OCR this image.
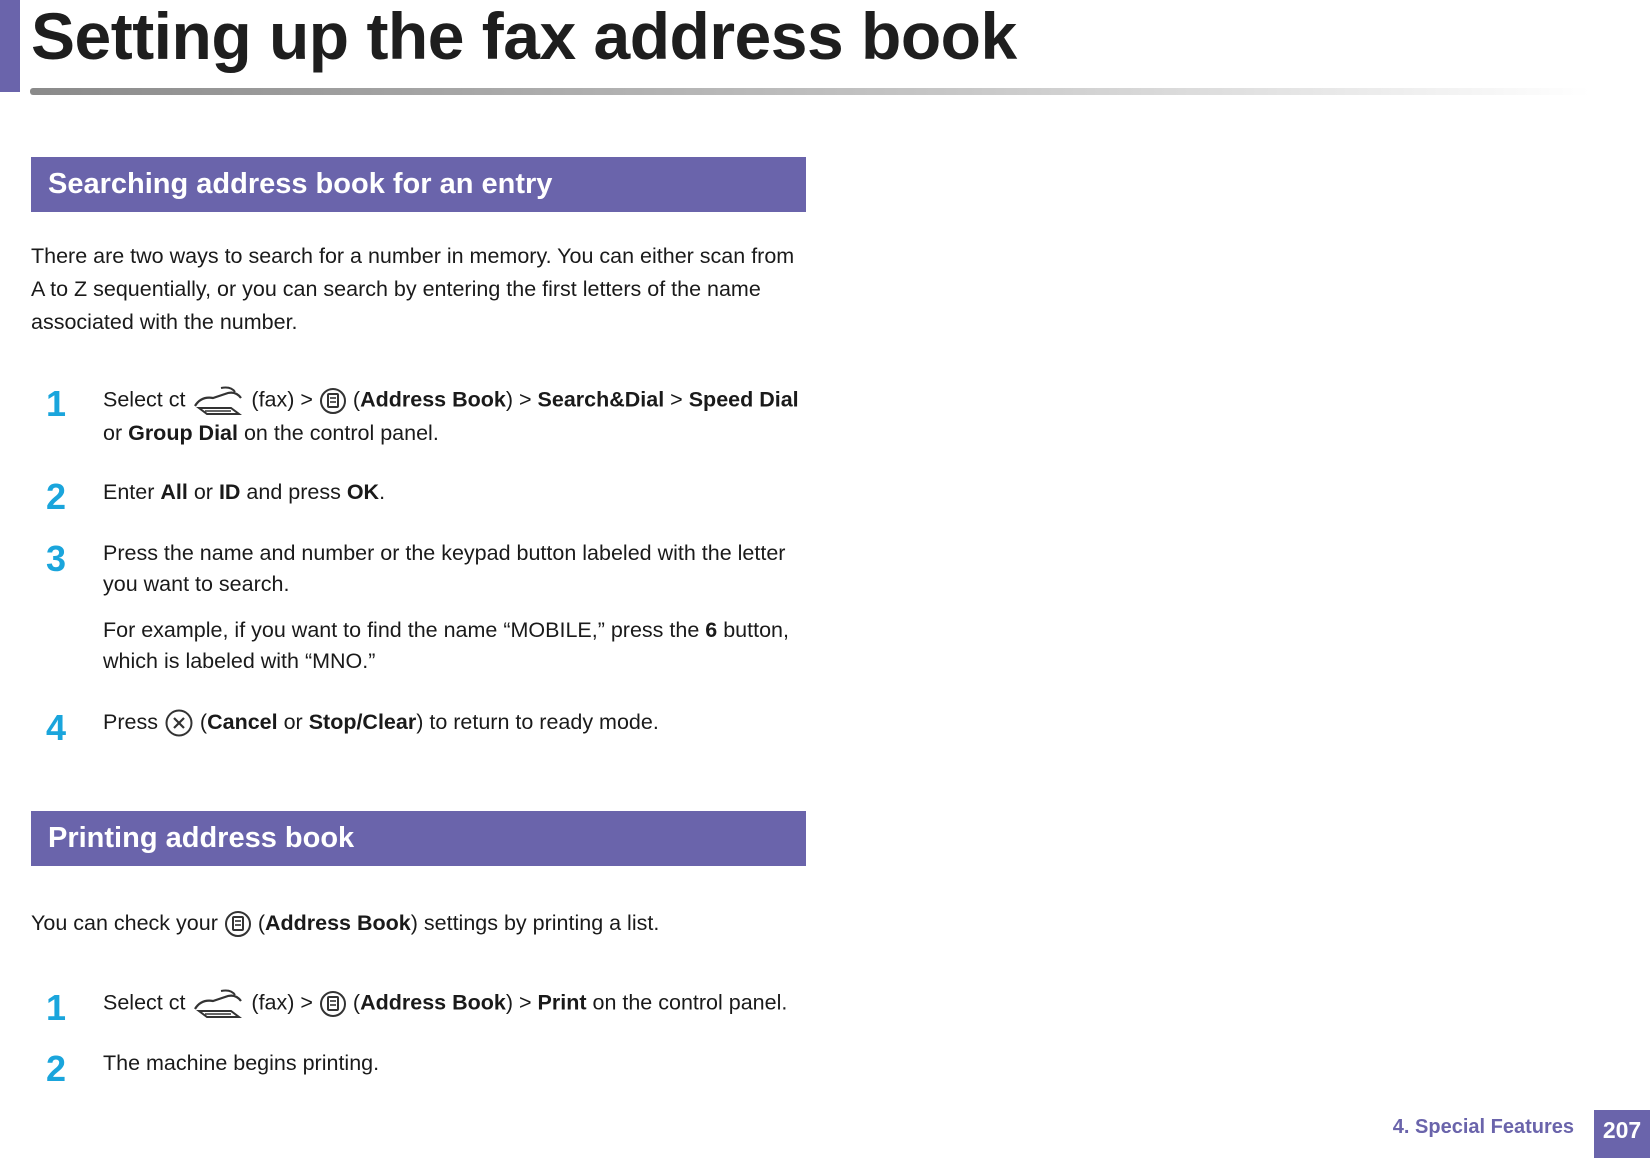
Setting up the fax address book
Searching address book for an entry

There are two ways to search for a number in memory. You can either scan from A to Z sequentially, or you can search by entering the first letters of the name associated with the number.

1 Select ct	(fax) >
(Address Book) > Search&Dial > Speed Dial or Group Dial on the control panel.

2 Enter All or ID and press OK.

3 Press the name and number or the keypad button labeled with the letter you want to search.

For example, if you want to find the name “MOBILE,” press the 6 button, which is labeled with “MNO.”

4 Press
(Cancel or Stop/Clear) to return to ready mode.

Printing address book

You can check your
(Address Book) settings by printing a list.

1 Select ct	(fax) >
(Address Book) > Print on the control panel.

2 The machine begins printing.

4. Special Features	207
